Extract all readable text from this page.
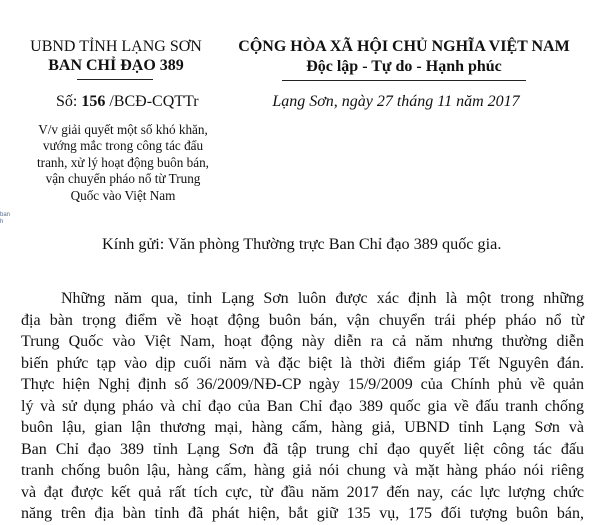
UBND TỈNH LẠNG SƠN
BAN CHỈ ĐẠO 389
CỘNG HÒA XÃ HỘI CHỦ NGHĨA VIỆT NAM
Độc lập - Tự do - Hạnh phúc
Số: 156 /BCĐ-CQTTr	Lạng Sơn, ngày 27 tháng 11 năm 2017
V/v giải quyết một số khó khăn,
vướng mắc trong công tác đấu
tranh, xử lý hoạt động buôn bán,
vận chuyển pháo nổ từ Trung
Quốc vào Việt Nam
ban
h
Kính gửi: Văn phòng Thường trực Ban Chỉ đạo 389 quốc gia.
Những năm qua, tỉnh Lạng Sơn luôn được xác định là một trong những
địa bàn trọng điểm về hoạt động buôn bán, vận chuyển trái phép pháo nổ từ
Trung Quốc vào Việt Nam, hoạt động này diễn ra cả năm nhưng thường diễn
biến phức tạp vào dịp cuối năm và đặc biệt là thời điểm giáp Tết Nguyên đán.
Thực hiện Nghị định số 36/2009/NĐ-CP ngày 15/9/2009 của Chính phủ về quản
lý và sử dụng pháo và chỉ đạo của Ban Chỉ đạo 389 quốc gia về đấu tranh chống
buôn lậu, gian lận thương mại, hàng cấm, hàng giả, UBND tỉnh Lạng Sơn và
Ban Chỉ đạo 389 tỉnh Lạng Sơn đã tập trung chỉ đạo quyết liệt công tác đấu
tranh chống buôn lậu, hàng cấm, hàng giả nói chung và mặt hàng pháo nói riêng
và đạt được kết quả rất tích cực, từ đầu năm 2017 đến nay, các lực lượng chức
năng trên địa bàn tỉnh đã phát hiện, bắt giữ 135 vụ, 175 đối tượng buôn bán,
